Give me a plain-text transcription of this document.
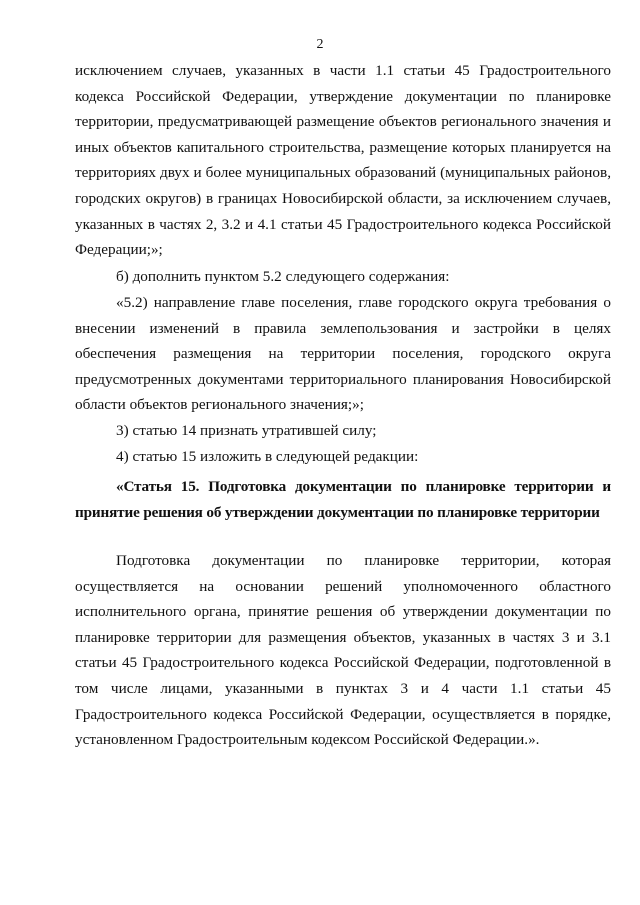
2

исключением случаев, указанных в части 1.1 статьи 45 Градостроительного кодекса Российской Федерации, утверждение документации по планировке территории, предусматривающей размещение объектов регионального значения и иных объектов капитального строительства, размещение которых планируется на территориях двух и более муниципальных образований (муниципальных районов, городских округов) в границах Новосибирской области, за исключением случаев, указанных в частях 2, 3.2 и 4.1 статьи 45 Градостроительного кодекса Российской Федерации;»;

б) дополнить пунктом 5.2 следующего содержания:

«5.2) направление главе поселения, главе городского округа требования о внесении изменений в правила землепользования и застройки в целях обеспечения размещения на территории поселения, городского округа предусмотренных документами территориального планирования Новосибирской области объектов регионального значения;»;

3) статью 14 признать утратившей силу;

4) статью 15 изложить в следующей редакции:

«Статья 15. Подготовка документации по планировке территории и принятие решения об утверждении документации по планировке территории

Подготовка документации по планировке территории, которая осуществляется на основании решений уполномоченного областного исполнительного органа, принятие решения об утверждении документации по планировке территории для размещения объектов, указанных в частях 3 и 3.1 статьи 45 Градостроительного кодекса Российской Федерации, подготовленной в том числе лицами, указанными в пунктах 3 и 4 части 1.1 статьи 45 Градостроительного кодекса Российской Федерации, осуществляется в порядке, установленном Градостроительным кодексом Российской Федерации.».
